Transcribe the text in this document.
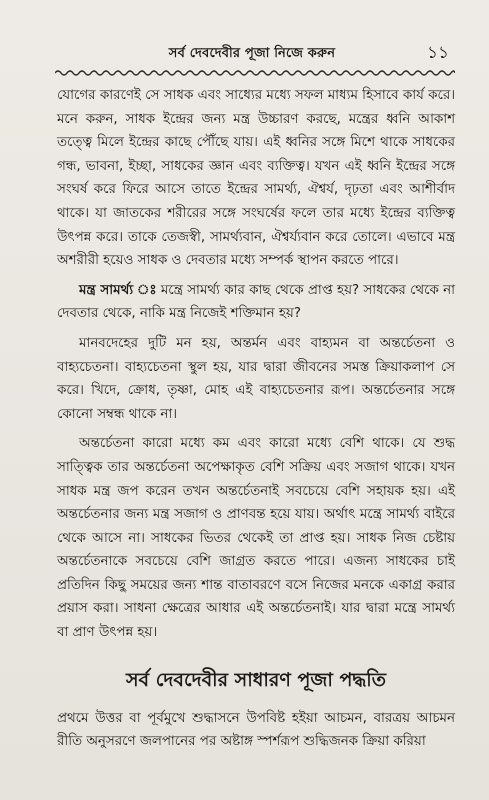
সর্ব দেবদেবীর পূজা নিজে করুন	১১

যোগের কারণেই সে সাধক এবং সাধ্যের মধ্যে সফল মাধ্যম হিসাবে কার্য করে। মনে করুন, সাধক ইন্দ্রের জন্য মন্ত্র উচ্চারণ করছে, মন্ত্রের ধ্বনি আকাশ তত্ত্বে মিলে ইন্দ্রের কাছে পৌঁছে যায়। এই ধ্বনির সঙ্গে মিশে থাকে সাধকের গন্ধ, ভাবনা, ইচ্ছা, সাধকের জ্ঞান এবং ব্যক্তিত্ব। যখন এই ধ্বনি ইন্দ্রের সঙ্গে সংঘর্ষ করে ফিরে আসে তাতে ইন্দ্রের সামর্থ্য, ঐশ্বর্য, দৃঢ়তা এবং আশীর্বাদ থাকে। যা জাতকের শরীরের সঙ্গে সংঘর্ষের ফলে তার মধ্যে ইন্দ্রের ব্যক্তিত্ব উৎপন্ন করে। তাকে তেজস্বী, সামর্থ্যবান, ঐশ্বর্য্যবান করে তোলে। এভাবে মন্ত্র অশরীরী হয়েও সাধক ও দেবতার মধ্যে সম্পর্ক স্থাপন করতে পারে।

মন্ত্র সামর্থ্য ঃ মন্ত্রে সামর্থ্য কার কাছ থেকে প্রাপ্ত হয়? সাধকের থেকে না দেবতার থেকে, নাকি মন্ত্র নিজেই শক্তিমান হয়?

মানবদেহের দুটি মন হয়, অন্তর্মন এবং বাহ্যমন বা অন্তর্চেতনা ও বাহ্যচেতনা। বাহ্যচেতনা স্থুল হয়, যার দ্বারা জীবনের সমস্ত ক্রিয়াকলাপ সে করে। খিদে, ক্রোধ, তৃষ্ণা, মোহ এই বাহ্যচেতনার রূপ। অন্তর্চেতনার সঙ্গে কোনো সম্বন্ধ থাকে না।

অন্তর্চেতনা কারো মধ্যে কম এবং কারো মধ্যে বেশি থাকে। যে শুদ্ধ সাত্ত্বিক তার অন্তর্চেতনা অপেক্ষাকৃত বেশি সক্রিয় এবং সজাগ থাকে। যখন সাধক মন্ত্র জপ করেন তখন অন্তর্চেতনাই সবচেয়ে বেশি সহায়ক হয়। এই অন্তর্চেতনার জন্য মন্ত্র সজাগ ও প্রাণবন্ত হয়ে যায়। অর্থাৎ মন্ত্রে সামর্থ্য বাইরে থেকে আসে না। সাধকের ভিতর থেকেই তা প্রাপ্ত হয়। সাধক নিজ চেষ্টায় অন্তর্চেতনাকে সবচেয়ে বেশি জাগ্রত করতে পারে। এজন্য সাধকের চাই প্রতিদিন কিছু সময়ের জন্য শান্ত বাতাবরণে বসে নিজের মনকে একাগ্র করার প্রয়াস করা। সাধনা ক্ষেত্রের আধার এই অন্তর্চেতনাই। যার দ্বারা মন্ত্রে সামর্থ্য বা প্রাণ উৎপন্ন হয়।

সর্ব দেবদেবীর সাধারণ পূজা পদ্ধতি

প্রথমে উত্তর বা পূর্বমুখে শুদ্ধাসনে উপবিষ্ট হইয়া আচমন, বারত্রয় আচমন রীতি অনুসরণে জলপানের পর অষ্টাঙ্গ স্পর্শরূপ শুদ্ধিজনক ক্রিয়া করিয়া
